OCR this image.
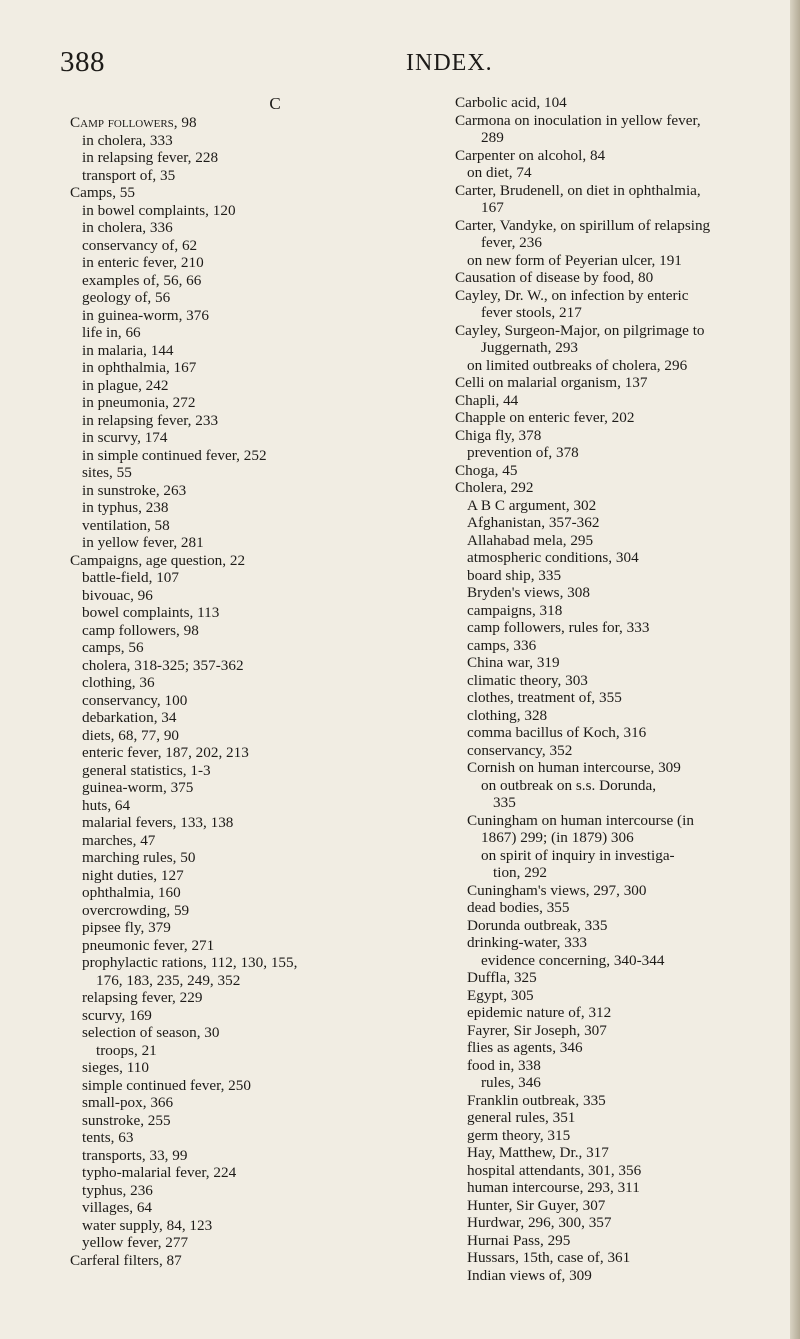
388	INDEX.
C
Camp followers, 98
in cholera, 333
in relapsing fever, 228
transport of, 35
Camps, 55
in bowel complaints, 120
in cholera, 336
conservancy of, 62
in enteric fever, 210
examples of, 56, 66
geology of, 56
in guinea-worm, 376
life in, 66
in malaria, 144
in ophthalmia, 167
in plague, 242
in pneumonia, 272
in relapsing fever, 233
in scurvy, 174
in simple continued fever, 252
sites, 55
in sunstroke, 263
in typhus, 238
ventilation, 58
in yellow fever, 281
Campaigns, age question, 22
battle-field, 107
bivouac, 96
bowel complaints, 113
camp followers, 98
camps, 56
cholera, 318-325; 357-362
clothing, 36
conservancy, 100
debarkation, 34
diets, 68, 77, 90
enteric fever, 187, 202, 213
general statistics, 1-3
guinea-worm, 375
huts, 64
malarial fevers, 133, 138
marches, 47
marching rules, 50
night duties, 127
ophthalmia, 160
overcrowding, 59
pipsee fly, 379
pneumonic fever, 271
prophylactic rations, 112, 130, 155,
176, 183, 235, 249, 352
relapsing fever, 229
scurvy, 169
selection of season, 30
troops, 21
sieges, 110
simple continued fever, 250
small-pox, 366
sunstroke, 255
tents, 63
transports, 33, 99
typho-malarial fever, 224
typhus, 236
villages, 64
water supply, 84, 123
yellow fever, 277
Carferal filters, 87
Carbolic acid, 104
Carmona on inoculation in yellow fever,
289
Carpenter on alcohol, 84
on diet, 74
Carter, Brudenell, on diet in ophthalmia,
167
Carter, Vandyke, on spirillum of relapsing
fever, 236
on new form of Peyerian ulcer, 191
Causation of disease by food, 80
Cayley, Dr. W., on infection by enteric
fever stools, 217
Cayley, Surgeon-Major, on pilgrimage to
Juggernath, 293
on limited outbreaks of cholera, 296
Celli on malarial organism, 137
Chapli, 44
Chapple on enteric fever, 202
Chiga fly, 378
prevention of, 378
Choga, 45
Cholera, 292
A B C argument, 302
Afghanistan, 357-362
Allahabad mela, 295
atmospheric conditions, 304
board ship, 335
Bryden's views, 308
campaigns, 318
camp followers, rules for, 333
camps, 336
China war, 319
climatic theory, 303
clothes, treatment of, 355
clothing, 328
comma bacillus of Koch, 316
conservancy, 352
Cornish on human intercourse, 309
on outbreak on s.s. Dorunda,
335
Cuningham on human intercourse (in
1867) 299; (in 1879) 306
on spirit of inquiry in investiga-
tion, 292
Cuningham's views, 297, 300
dead bodies, 355
Dorunda outbreak, 335
drinking-water, 333
evidence concerning, 340-344
Duffla, 325
Egypt, 305
epidemic nature of, 312
Fayrer, Sir Joseph, 307
flies as agents, 346
food in, 338
rules, 346
Franklin outbreak, 335
general rules, 351
germ theory, 315
Hay, Matthew, Dr., 317
hospital attendants, 301, 356
human intercourse, 293, 311
Hunter, Sir Guyer, 307
Hurdwar, 296, 300, 357
Hurnai Pass, 295
Hussars, 15th, case of, 361
Indian views of, 309
